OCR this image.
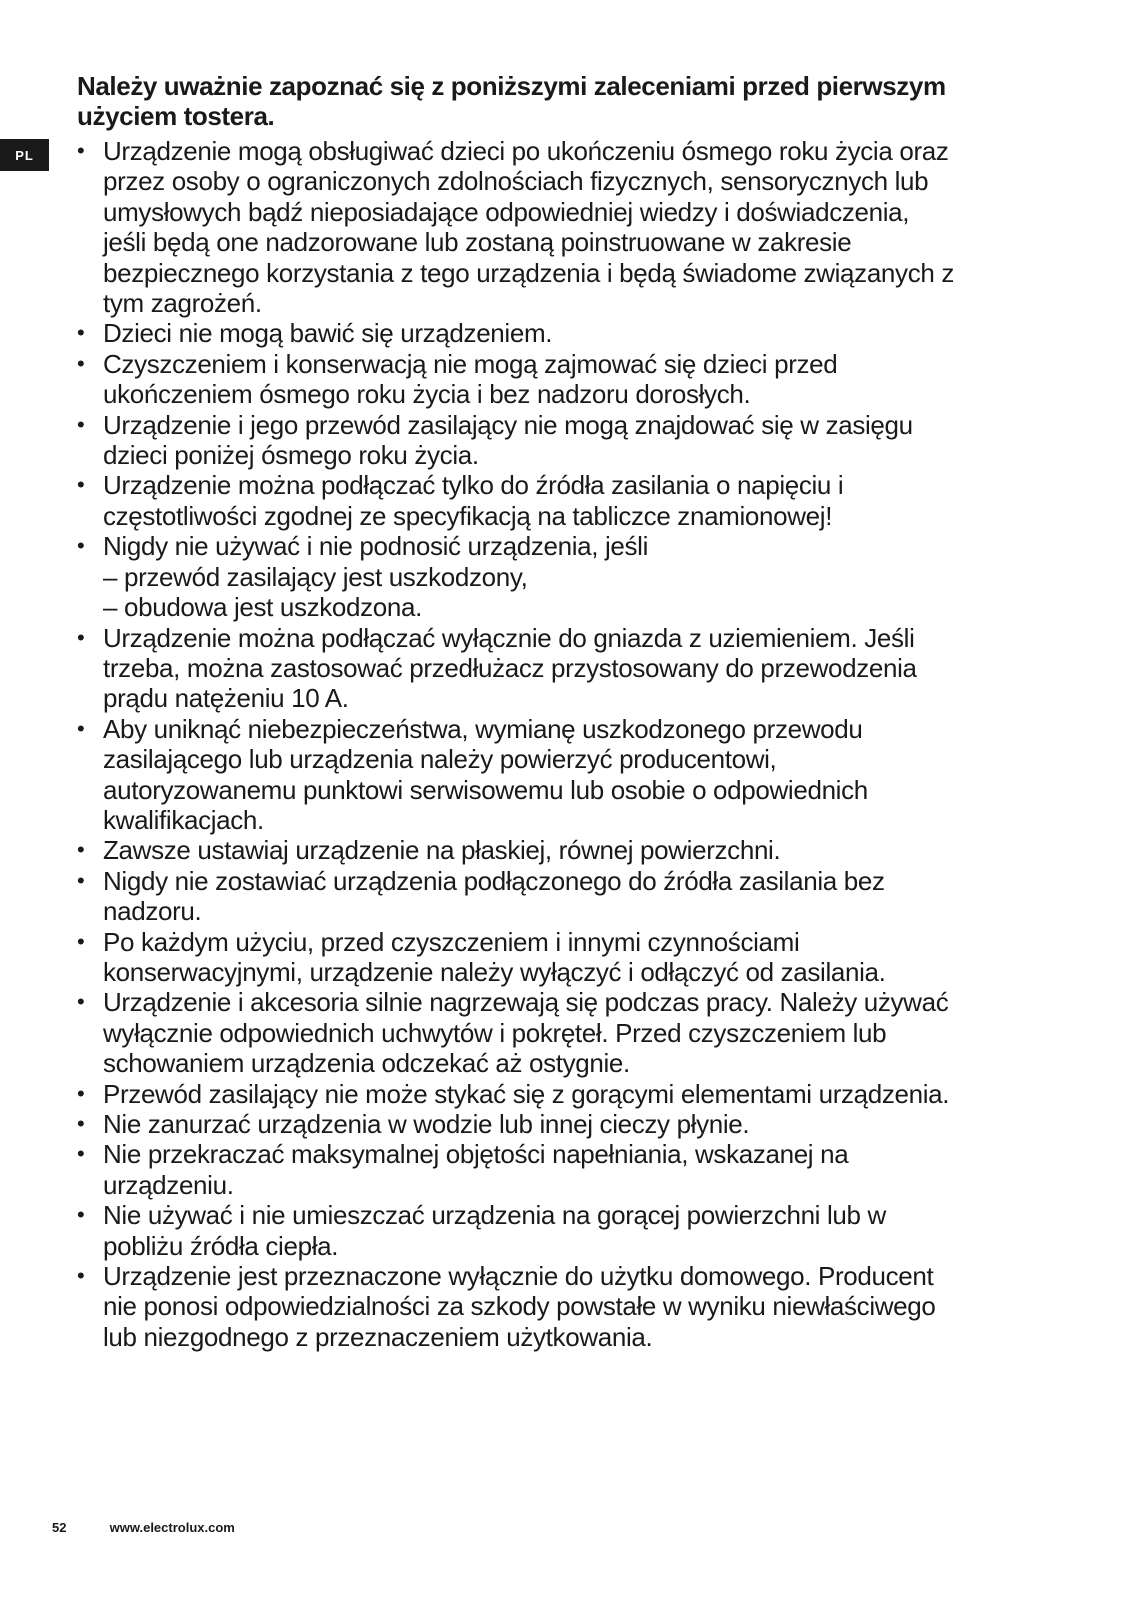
PL
Należy uważnie zapoznać się z poniższymi zaleceniami przed pierwszym
użyciem tostera.
• Urządzenie mogą obsługiwać dzieci po ukończeniu ósmego roku życia oraz
przez osoby o ograniczonych zdolnościach fizycznych, sensorycznych lub
umysłowych bądź nieposiadające odpowiedniej wiedzy i doświadczenia,
jeśli będą one nadzorowane lub zostaną poinstruowane w zakresie
bezpiecznego korzystania z tego urządzenia i będą świadome związanych z
tym zagrożeń.
• Dzieci nie mogą bawić się urządzeniem.
• Czyszczeniem i konserwacją nie mogą zajmować się dzieci przed
ukończeniem ósmego roku życia i bez nadzoru dorosłych.
• Urządzenie i jego przewód zasilający nie mogą znajdować się w zasięgu
dzieci poniżej ósmego roku życia.
• Urządzenie można podłączać tylko do źródła zasilania o napięciu i
częstotliwości zgodnej ze specyfikacją na tabliczce znamionowej!
• Nigdy nie używać i nie podnosić urządzenia, jeśli
– przewód zasilający jest uszkodzony,
– obudowa jest uszkodzona.
• Urządzenie można podłączać wyłącznie do gniazda z uziemieniem. Jeśli
trzeba, można zastosować przedłużacz przystosowany do przewodzenia
prądu natężeniu 10 A.
• Aby uniknąć niebezpieczeństwa, wymianę uszkodzonego przewodu
zasilającego lub urządzenia należy powierzyć producentowi,
autoryzowanemu punktowi serwisowemu lub osobie o odpowiednich
kwalifikacjach.
• Zawsze ustawiaj urządzenie na płaskiej, równej powierzchni.
• Nigdy nie zostawiać urządzenia podłączonego do źródła zasilania bez
nadzoru.
• Po każdym użyciu, przed czyszczeniem i innymi czynnościami
konserwacyjnymi, urządzenie należy wyłączyć i odłączyć od zasilania.
• Urządzenie i akcesoria silnie nagrzewają się podczas pracy. Należy używać
wyłącznie odpowiednich uchwytów i pokręteł. Przed czyszczeniem lub
schowaniem urządzenia odczekać aż ostygnie.
• Przewód zasilający nie może stykać się z gorącymi elementami urządzenia.
• Nie zanurzać urządzenia w wodzie lub innej cieczy płynie.
• Nie przekraczać maksymalnej objętości napełniania, wskazanej na
urządzeniu.
• Nie używać i nie umieszczać urządzenia na gorącej powierzchni lub w
pobliżu źródła ciepła.
• Urządzenie jest przeznaczone wyłącznie do użytku domowego. Producent
nie ponosi odpowiedzialności za szkody powstałe w wyniku niewłaściwego
lub niezgodnego z przeznaczeniem użytkowania.
52	www.electrolux.com
